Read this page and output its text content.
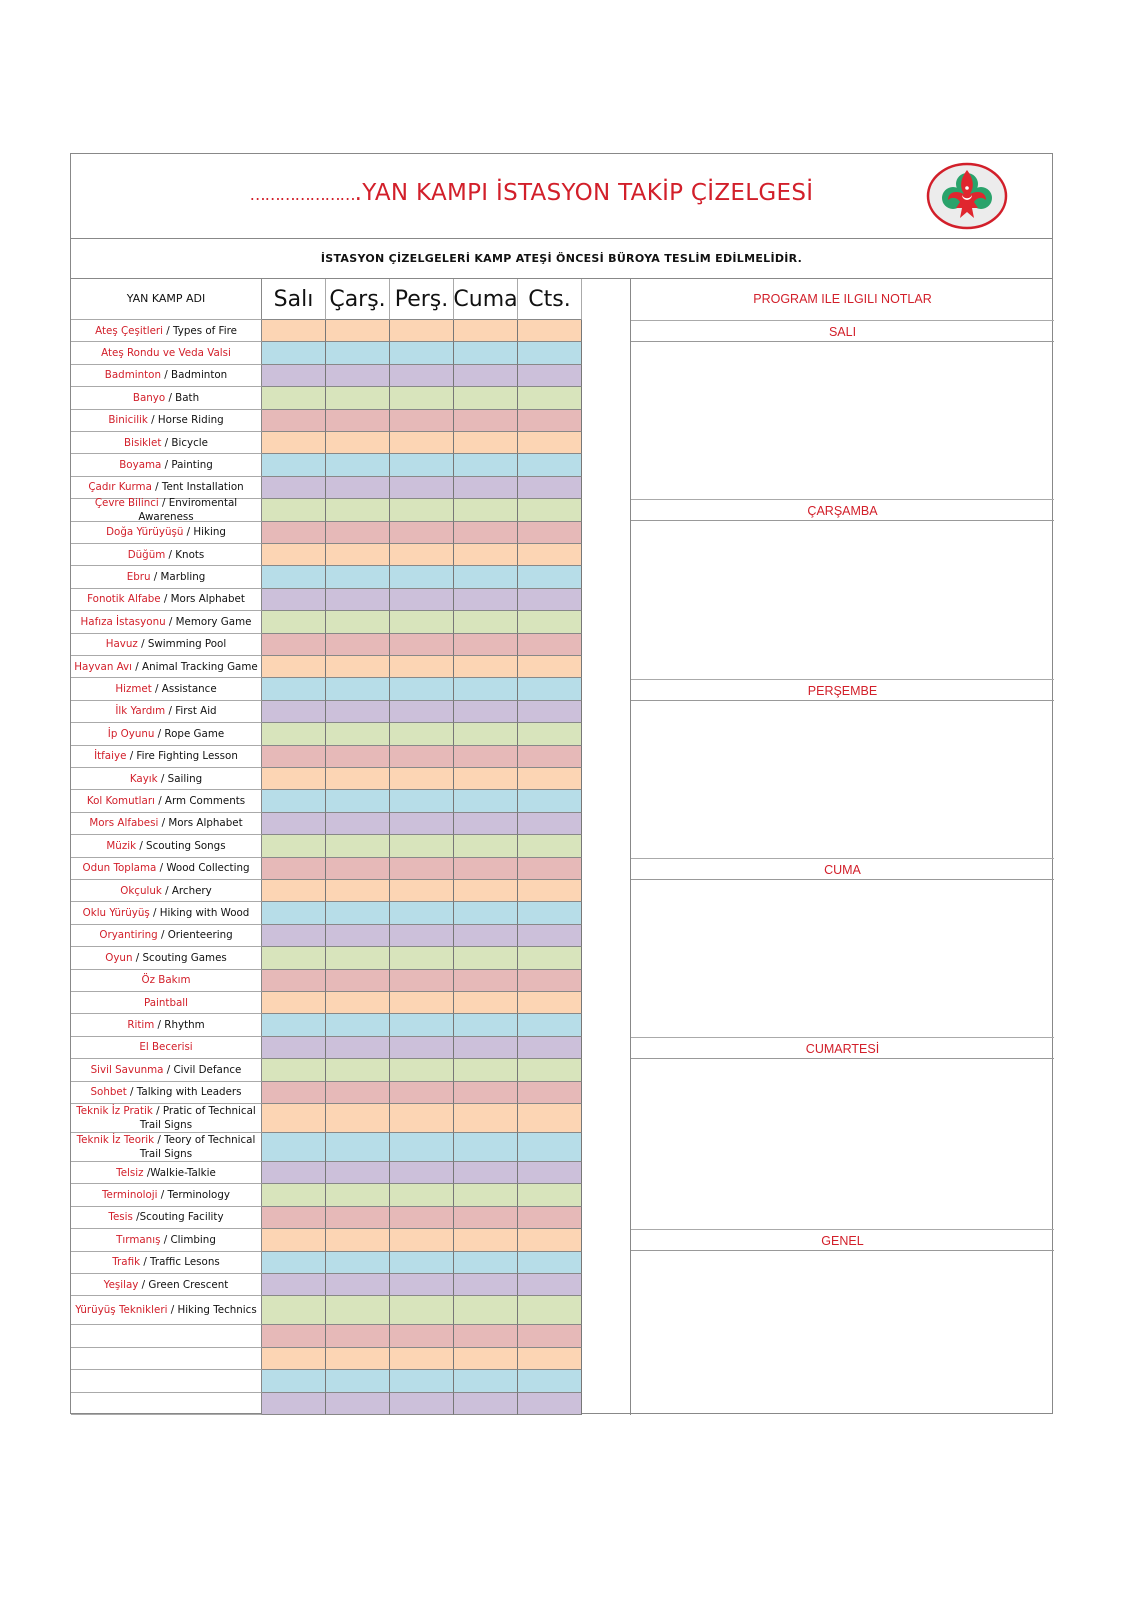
………………….YAN KAMPI İSTASYON TAKİP ÇİZELGESİ
İSTASYON ÇİZELGELERİ KAMP ATEŞİ ÖNCESİ BÜROYA TESLİM EDİLMELİDİR.
YAN KAMP ADI	Salı Çarş. Perş. Cuma Cts.
Ateş Çeşitleri / Types of Fire
Ateş Rondu ve Veda Valsi
Badminton / Badminton
Banyo / Bath
Binicilik / Horse Riding
Bisiklet / Bicycle
Boyama / Painting
Çadır Kurma / Tent Installation
Çevre Bilinci / Enviromental Awareness
Doğa Yürüyüşü / Hiking
Düğüm / Knots
Ebru / Marbling
Fonotik Alfabe / Mors Alphabet
Hafıza İstasyonu / Memory Game
Havuz / Swimming Pool
Hayvan Avı / Animal Tracking Game
Hizmet / Assistance
İlk Yardım / First Aid
İp Oyunu / Rope Game
İtfaiye / Fire Fighting Lesson
Kayık / Sailing
Kol Komutları / Arm Comments
Mors Alfabesi / Mors Alphabet
Müzik / Scouting Songs
Odun Toplama / Wood Collecting
Okçuluk / Archery
Oklu Yürüyüş / Hiking with Wood
Oryantiring / Orienteering
Oyun / Scouting Games
Öz Bakım
Paintball
Ritim / Rhythm
El Becerisi
Sivil Savunma / Civil Defance
Sohbet / Talking with Leaders
Teknik İz Pratik / Pratic of Technical Trail Signs
Teknik İz Teorik / Teory of Technical Trail Signs
Telsiz /Walkie-Talkie
Terminoloji / Terminology
Tesis /Scouting Facility
Tırmanış / Climbing
Trafik / Traffic Lesons
Yeşilay / Green Crescent
Yürüyüş Teknikleri / Hiking Technics
PROGRAM ILE ILGILI NOTLAR
SALI
ÇARŞAMBA
PERŞEMBE
CUMA
CUMARTESİ
GENEL
